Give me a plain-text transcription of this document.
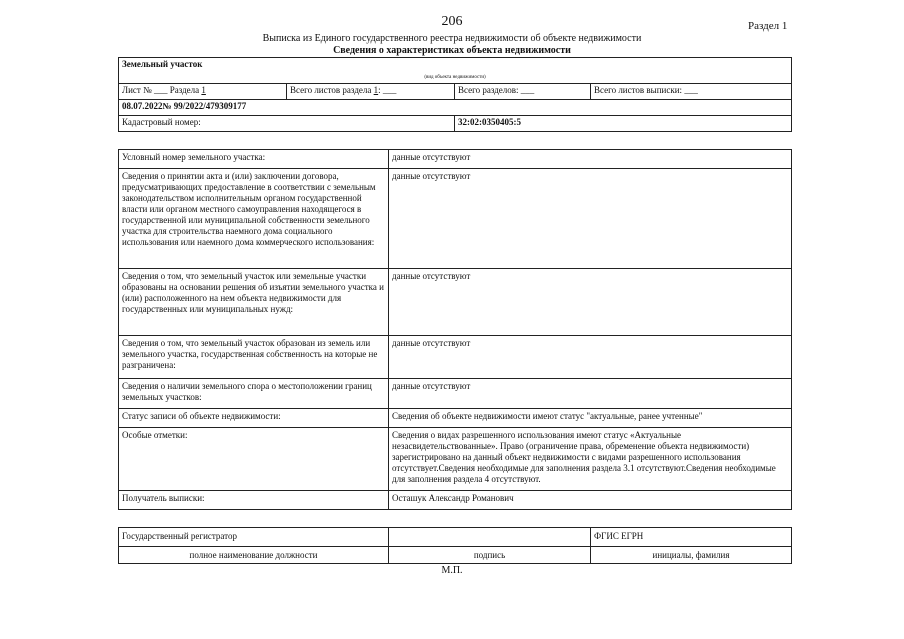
206	Раздел 1
Выписка из Единого государственного реестра недвижимости об объекте недвижимости
Сведения о характеристиках объекта недвижимости
Земельный участок			
(вид объекта недвижимости)			
Лист № ___ Раздела 1	Всего листов раздела 1: ___	Всего разделов: ___	Всего листов выписки: ___
08.07.2022№ 99/2022/479309177			
Кадастровый номер:		32:02:0350405:5	
Условный номер земельного участка:	данные отсутствуют
Сведения о принятии акта и (или) заключении договора, предусматривающих предоставление в соответствии с земельным законодательством исполнительным органом государственной власти или органом местного самоуправления находящегося в государственной или муниципальной собственности земельного участка для строительства наемного дома социального использования или наемного дома коммерческого использования:	данные отсутствуют
Сведения о том, что земельный участок или земельные участки образованы на основании решения об изъятии земельного участка и (или) расположенного на нем объекта недвижимости для государственных или муниципальных нужд:	данные отсутствуют
Сведения о том, что земельный участок образован из земель или земельного участка, государственная собственность на которые не разграничена:	данные отсутствуют
Сведения о наличии земельного спора о местоположении границ земельных участков:	данные отсутствуют
Статус записи об объекте недвижимости:	Сведения об объекте недвижимости имеют статус "актуальные, ранее учтенные"
Особые отметки:	Сведения о видах разрешенного использования имеют статус «Актуальные незасвидетельствованные». Право (ограничение права, обременение объекта недвижимости) зарегистрировано на данный объект недвижимости с видами разрешенного использования отсутствует.Сведения необходимые для заполнения раздела 3.1 отсутствуют.Сведения необходимые для заполнения раздела 4 отсутствуют.
Получатель выписки:	Осташук Александр Романович
Государственный регистратор		ФГИС ЕГРН
полное наименование должности	подпись	инициалы, фамилия
М.П.
